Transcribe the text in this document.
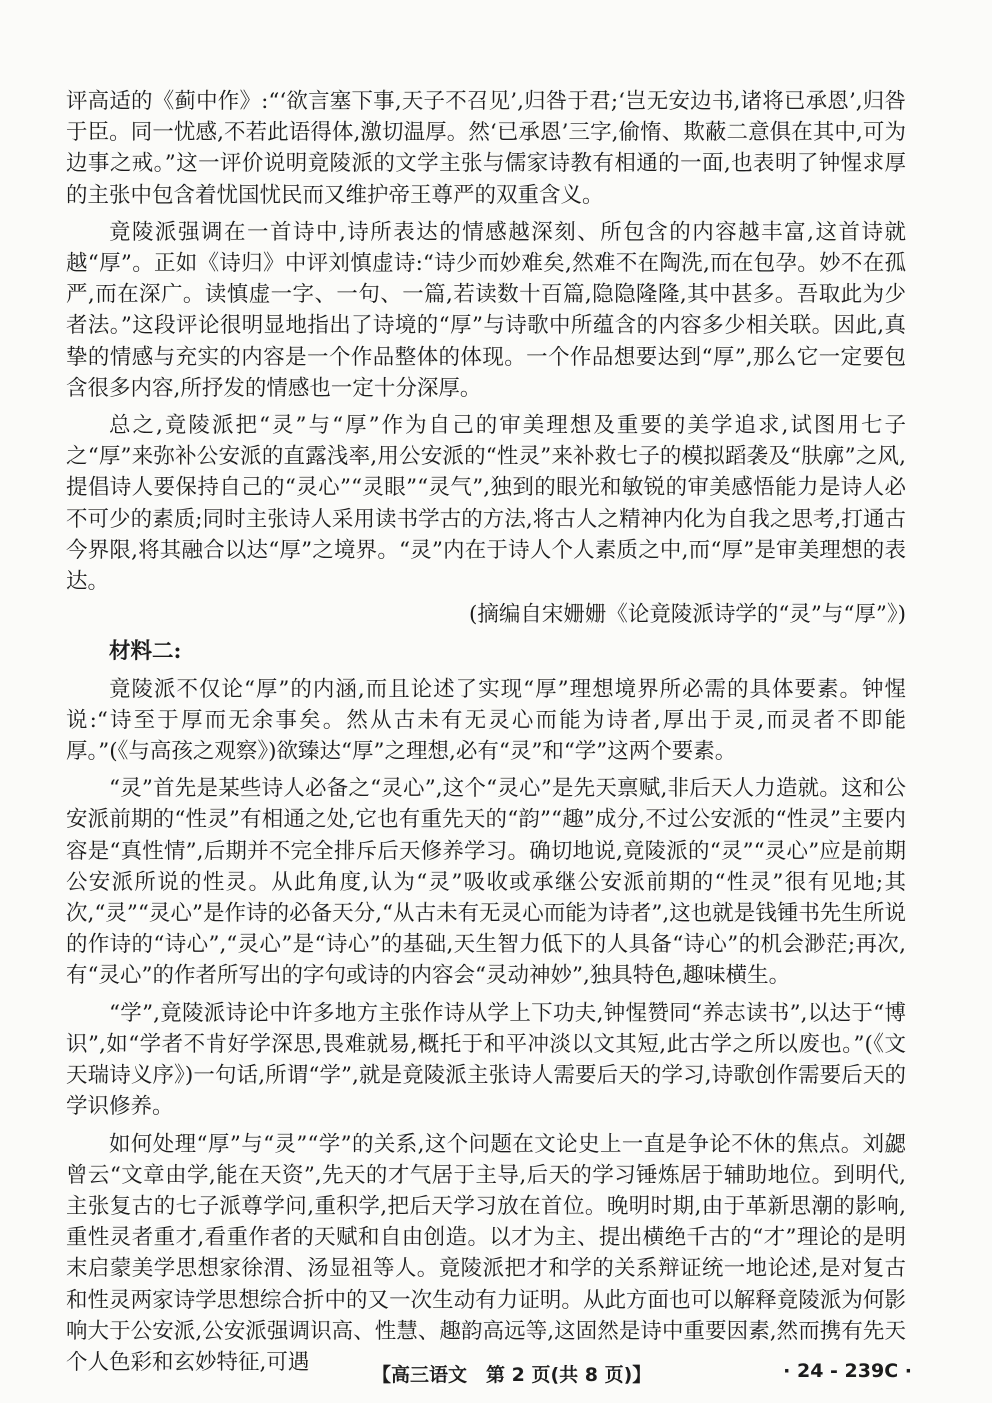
评高适的《蓟中作》:“‘欲言塞下事,天子不召见’,归咎于君;‘岂无安边书,诸将已承恩’,归咎于臣。同一忧感,不若此语得体,激切温厚。然‘已承恩’三字,偷惰、欺蔽二意俱在其中,可为边事之戒。”这一评价说明竟陵派的文学主张与儒家诗教有相通的一面,也表明了钟惺求厚的主张中包含着忧国忧民而又维护帝王尊严的双重含义。

竟陵派强调在一首诗中,诗所表达的情感越深刻、所包含的内容越丰富,这首诗就越“厚”。正如《诗归》中评刘慎虚诗:“诗少而妙难矣,然难不在陶洗,而在包孕。妙不在孤严,而在深广。读慎虚一字、一句、一篇,若读数十百篇,隐隐隆隆,其中甚多。吾取此为少者法。”这段评论很明显地指出了诗境的“厚”与诗歌中所蕴含的内容多少相关联。因此,真挚的情感与充实的内容是一个作品整体的体现。一个作品想要达到“厚”,那么它一定要包含很多内容,所抒发的情感也一定十分深厚。

总之,竟陵派把“灵”与“厚”作为自己的审美理想及重要的美学追求,试图用七子之“厚”来弥补公安派的直露浅率,用公安派的“性灵”来补救七子的模拟蹈袭及“肤廓”之风,提倡诗人要保持自己的“灵心”“灵眼”“灵气”,独到的眼光和敏锐的审美感悟能力是诗人必不可少的素质;同时主张诗人采用读书学古的方法,将古人之精神内化为自我之思考,打通古今界限,将其融合以达“厚”之境界。“灵”内在于诗人个人素质之中,而“厚”是审美理想的表达。

(摘编自宋姗姗《论竟陵派诗学的“灵”与“厚”》)

材料二:

竟陵派不仅论“厚”的内涵,而且论述了实现“厚”理想境界所必需的具体要素。钟惺说:“诗至于厚而无余事矣。然从古未有无灵心而能为诗者,厚出于灵,而灵者不即能厚。”(《与高孩之观察》)欲臻达“厚”之理想,必有“灵”和“学”这两个要素。

“灵”首先是某些诗人必备之“灵心”,这个“灵心”是先天禀赋,非后天人力造就。这和公安派前期的“性灵”有相通之处,它也有重先天的“韵”“趣”成分,不过公安派的“性灵”主要内容是“真性情”,后期并不完全排斥后天修养学习。确切地说,竟陵派的“灵”“灵心”应是前期公安派所说的性灵。从此角度,认为“灵”吸收或承继公安派前期的“性灵”很有见地;其次,“灵”“灵心”是作诗的必备天分,“从古未有无灵心而能为诗者”,这也就是钱锺书先生所说的作诗的“诗心”,“灵心”是“诗心”的基础,天生智力低下的人具备“诗心”的机会渺茫;再次,有“灵心”的作者所写出的字句或诗的内容会“灵动神妙”,独具特色,趣味横生。

“学”,竟陵派诗论中许多地方主张作诗从学上下功夫,钟惺赞同“养志读书”,以达于“博识”,如“学者不肯好学深思,畏难就易,概托于和平冲淡以文其短,此古学之所以废也。”(《文天瑞诗义序》)一句话,所谓“学”,就是竟陵派主张诗人需要后天的学习,诗歌创作需要后天的学识修养。

如何处理“厚”与“灵”“学”的关系,这个问题在文论史上一直是争论不休的焦点。刘勰曾云“文章由学,能在天资”,先天的才气居于主导,后天的学习锤炼居于辅助地位。到明代,主张复古的七子派尊学问,重积学,把后天学习放在首位。晚明时期,由于革新思潮的影响,重性灵者重才,看重作者的天赋和自由创造。以才为主、提出横绝千古的“才”理论的是明末启蒙美学思想家徐渭、汤显祖等人。竟陵派把才和学的关系辩证统一地论述,是对复古和性灵两家诗学思想综合折中的又一次生动有力证明。从此方面也可以解释竟陵派为何影响大于公安派,公安派强调识高、性慧、趣韵高远等,这固然是诗中重要因素,然而携有先天个人色彩和玄妙特征,可遇

【高三语文　第 2 页(共 8 页)】	· 24 - 239C ·
